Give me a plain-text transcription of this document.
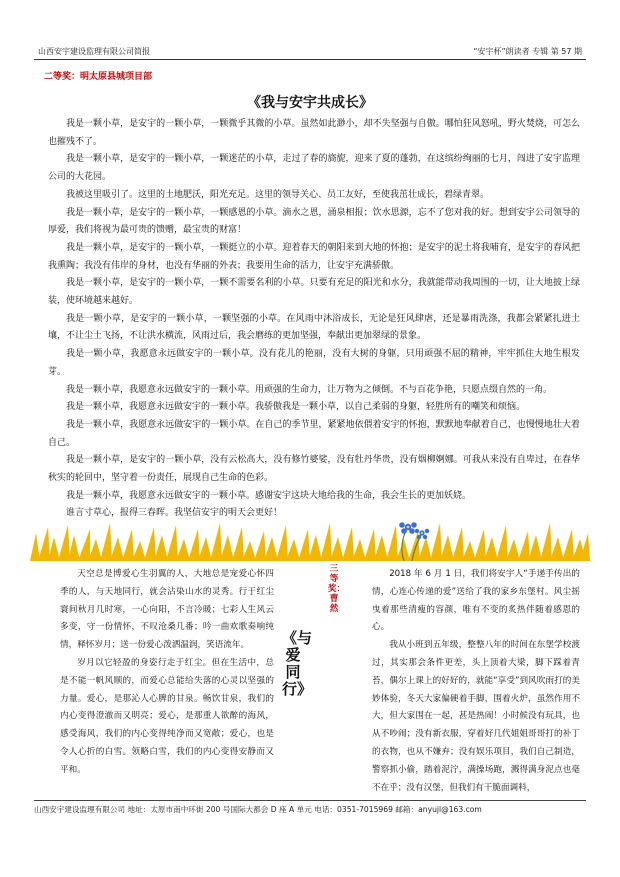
山西安宇建设监理有限公司简报	“安宇杯”朗读者 专辑 第 57 期
二等奖：明太原县城项目部
《我与安宇共成长》

我是一颗小草，是安宇的一颗小草，一颗微乎其微的小草。虽然如此渺小，却不失坚强与自傲。哪怕狂风怒吼，野火焚烧，可怎么也摧残不了。

我是一颗小草，是安宇的一颗小草，一颗迷茫的小草，走过了春的旖旎，迎来了夏的蓬勃，在这缤纷绚丽的七月，闯进了安宇监理公司的大花园。

我被这里吸引了。这里的土地肥沃，阳光充足。这里的领导关心、员工友好，至使我茁壮成长，碧绿青翠。

我是一颗小草，是安宇的一颗小草，一颗感恩的小草。滴水之恩，涌泉相报；饮水思源，忘不了您对我的好。想到安宇公司领导的厚爱，我们将视为最可贵的馈赠，最宝贵的财富！

我是一颗小草，是安宇的一颗小草，一颗挺立的小草。迎着春天的朝阳来到大地的怀抱；是安宇的泥土将我哺育，是安宇的春风把我熏陶；我没有伟岸的身材，也没有华丽的外表；我要用生命的活力，让安宇充满骄傲。

我是一颗小草，是安宇的一颗小草，一颗不需要名利的小草。只要有充足的阳光和水分，我就能带动我周围的一切，让大地披上绿装，使环境越来越好。

我是一颗小草，是安宇的一颗小草，一颗坚强的小草。在风雨中沐浴成长，无论是狂风肆虐，还是暴雨洗涤，我都会紧紧扎进土壤，不让尘土飞扬，不让洪水横流，风雨过后，我会磨练的更加坚强，奉献出更加翠绿的景象。

我是一颗小草，我愿意永远做安宇的一颗小草。没有花儿的艳丽，没有大树的身躯，只用顽强不屈的精神，牢牢抓住大地生根发芽。

我是一颗小草，我愿意永远做安宇的一颗小草。用顽强的生命力，让万物为之倾倒。不与百花争艳，只愿点缀自然的一角。

我是一颗小草，我愿意永远做安宇的一颗小草。我骄傲我是一颗小草，以自己柔弱的身躯，轻胜所有的嘲笑和烦恼。

我是一颗小草，我愿意永远做安宇的一颗小草。在自己的季节里，紧紧地依偎着安宇的怀抱，默默地奉献着自己，也慢慢地壮大着自己。

我是一颗小草，是安宇的一颗小草，没有云松高大，没有修竹婆娑，没有牡丹华贵，没有烟柳婀娜。可我从来没有自卑过，在春华秋实的轮回中，坚守着一份责任，展现自己生命的色彩。

我是一颗小草，我愿意永远做安宇的一颗小草。感谢安宇这块大地给我的生命，我会生长的更加妖娆。

谁言寸草心，报得三春晖。我坚信安宇的明天会更好！

天空总是博爱心生羽翼的人，大地总是宠爱心怀四季的人，与天地同行，就会沾染山水的灵秀。行于红尘寰间秋月几时寒，一心向阳，不言冷暖；七彩人生风云多变，守一份情怀，不叹沧桑几番；吟一曲欢歌奏响纯情，释怀岁月；送一份爱心泼洒温润，笑语流年。

岁月以它轻盈的身姿行走于红尘。但在生活中，总是不能一帆风顺的，而爱心总能给失落的心灵以坚强的力量。爱心，是那沁人心脾的甘泉。畅饮甘泉，我们的内心变得澄澈而又明亮；爱心，是那重人欲醉的海风，感受海风，我们的内心变得纯净而又宽敞；爱心，也是令人心折的白雪。领略白雪，我们的内心变得安静而又平和。

三等奖：曹然
《与爱同行》

2018 年 6 月 1 日，我们将安宇人“手递手传出的情，心连心传递的爱”送给了我的家乡东堡村。风尘摇曳着那些清瘦的容颜，唯有不变的炙热伴随着感恩的心。

我从小班到五年级，整整八年的时间在东堡学校渡过，其实那会条件更差，头上顶着大梁，脚下踩着青苔，偶尔上课上的好好的，就能“享受”到风吹雨打的美妙体验，冬天大家偏硬着手脚，围着火炉，虽然作用不大，但大家围在一起，甚是热闹！小时候没有玩具，也从不吵闹；没有新衣服，穿着好几代姐姐哥哥打的补丁的衣物，也从不嫌弃；没有娱乐项目，我们自己制造，警察抓小偷，踏着泥泞，满操场跑，溅得满身泥点也毫不在乎；没有汉堡，但我们有干脆面调料，

山西安宇建设监理有限公司 地址：太原市南中环街 200 号国际大都会 D 座 A 单元 电话：0351-7015969 邮箱：anyujl@163.com
